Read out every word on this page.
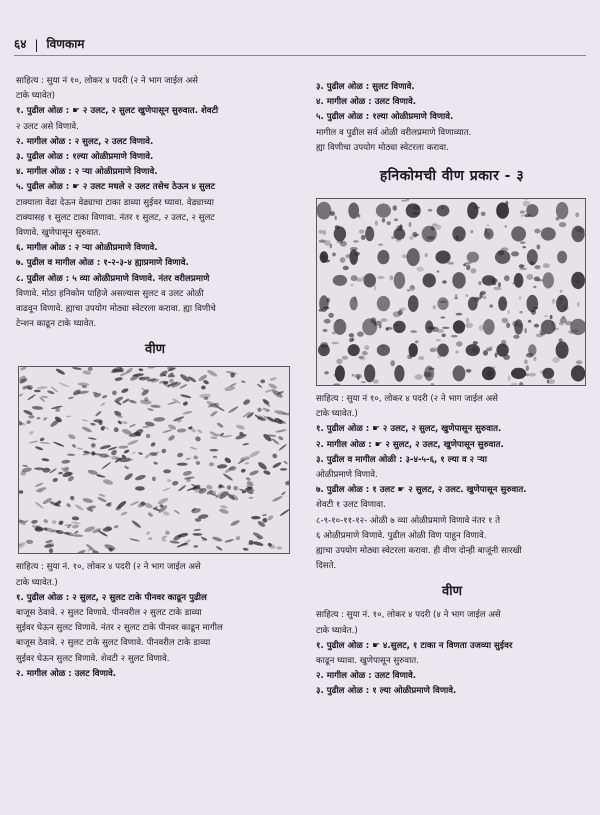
६४ | विणकाम
साहित्य : सुया नं १०, लोकर ४ पदरी (२ ने भाग जाईल असे
टाके घ्यावेत)
१. पुढील ओळ : ☛ २ उलट, २ सुलट खुणेपासून सुरुवात. शेवटी
२ उलट असे विणावे.
२. मागील ओळ : २ सुलट, २ उलट विणावे.
३. पुढील ओळ : १ल्या ओळीप्रमाणे विणावे.
४. मागील ओळ : २ ऱ्या ओळीप्रमाणे विणावे.
५. पुढील ओळ : ☛ २ उलट मधले २ उलट तसेच ठेऊन ४ सुलट
टाक्याला वेढा देऊन वेढ्याचा टाका डाव्या सुईवर घ्यावा. वेढ्याच्या
टाक्यासह १ सुलट टाका विणावा. नंतर १ सुलट, २ उलट, २ सुलट
विणावे. खुणेपासून सुरुवात.
६. मागील ओळ : २ ऱ्या ओळीप्रमाणे विणावे.
७. पुढील व मागील ओळ : १-२-३-४ ह्याप्रमाणे विणावे.
८. पुढील ओळ : ५ व्या ओळीप्रमाणे विणावे. नंतर वरीलप्रमाणे
विणावे. मोठा हनिकोम पाहिजे असल्यास सुलट व उलट ओळी
वाढवून विणावे. ह्याचा उपयोग मोठ्या स्वेटरला करावा. ह्या विणीचे
टेन्शन काढून टाके घ्यावेत.
वीण
साहित्य : सुया नं. १०, लोकर ४ पदरी (२ ने भाग जाईल असे
टाके घ्यावेत.)
१. पुढील ओळ : २ सुलट, २ सुलट टाके पीनवर काढून पुढील
बाजूस ठेवावे. २ सुलट विणावे. पीनवरील २ सुलट टाके डाव्या
सुईवर घेऊन सुलट विणावे. नंतर २ सुलट टाके पीनवर काढून मागील
बाजूस ठेवावे. २ सुलट टाके सुलट विणावे. पीनवरील टाके डाव्या
सुईवर घेऊन सुलट विणावे. शेवटी २ सुलट विणावे.
२. मागील ओळ : उलट विणावे.
३. पुढील ओळ : सुलट विणावे.
४. मागील ओळ : उलट विणावे.
५. पुढील ओळ : १ल्या ओळीप्रमाणे विणावे.
मागील व पुढील सर्व ओळी वरीलप्रमाणे विणाव्यात.
ह्या विणीचा उपयोग मोठ्या स्वेटरला करावा.
हनिकोमची वीण प्रकार - ३
साहित्य : सुया नं १०, लोकर ४ पदरी (२ ने भाग जाईल असे
टाके घ्यावेत.)
१. पुढील ओळ : ☛ २ उलट, २ सुलट, खुणेपासून सुरुवात.
२. मागील ओळ : ☛ २ सुलट, २ उलट, खुणेपासून सुरुवात.
३. पुढील व मागील ओळी : ३-४-५-६, १ ल्या व २ ऱ्या
ओळीप्रमाणे विणावे.
७. पुढील ओळ : १ उलट ☛ २ सुलट, २ उलट. खुणेपासून सुरुवात.
शेवटी १ उलट विणावा.
८-९-१०-११-१२- ओळी ७ व्या ओळीप्रमाणे विणावे नंतर १ ते
६ ओळीप्रमाणे विणावे. पुढील ओळी विण पाहून विणावे.
ह्याचा उपयोग मोठ्या स्वेटरला करावा. ही वीण दोन्ही बाजूंनी सारखी
दिसते.
वीण
साहित्य : सुया नं. १०, लोकर ४ पदरी (४ ने भाग जाईल असे
टाके घ्यावेत.)
१. पुढील ओळ : ☛ ४.सुलट, १ टाका न विणता उजव्या सुईवर
काढून घ्यावा. खुणेपासून सुरुवात.
२. मागील ओळ : उलट विणावे.
३. पुढील ओळ : १ ल्या ओळीप्रमाणे विणावे.
